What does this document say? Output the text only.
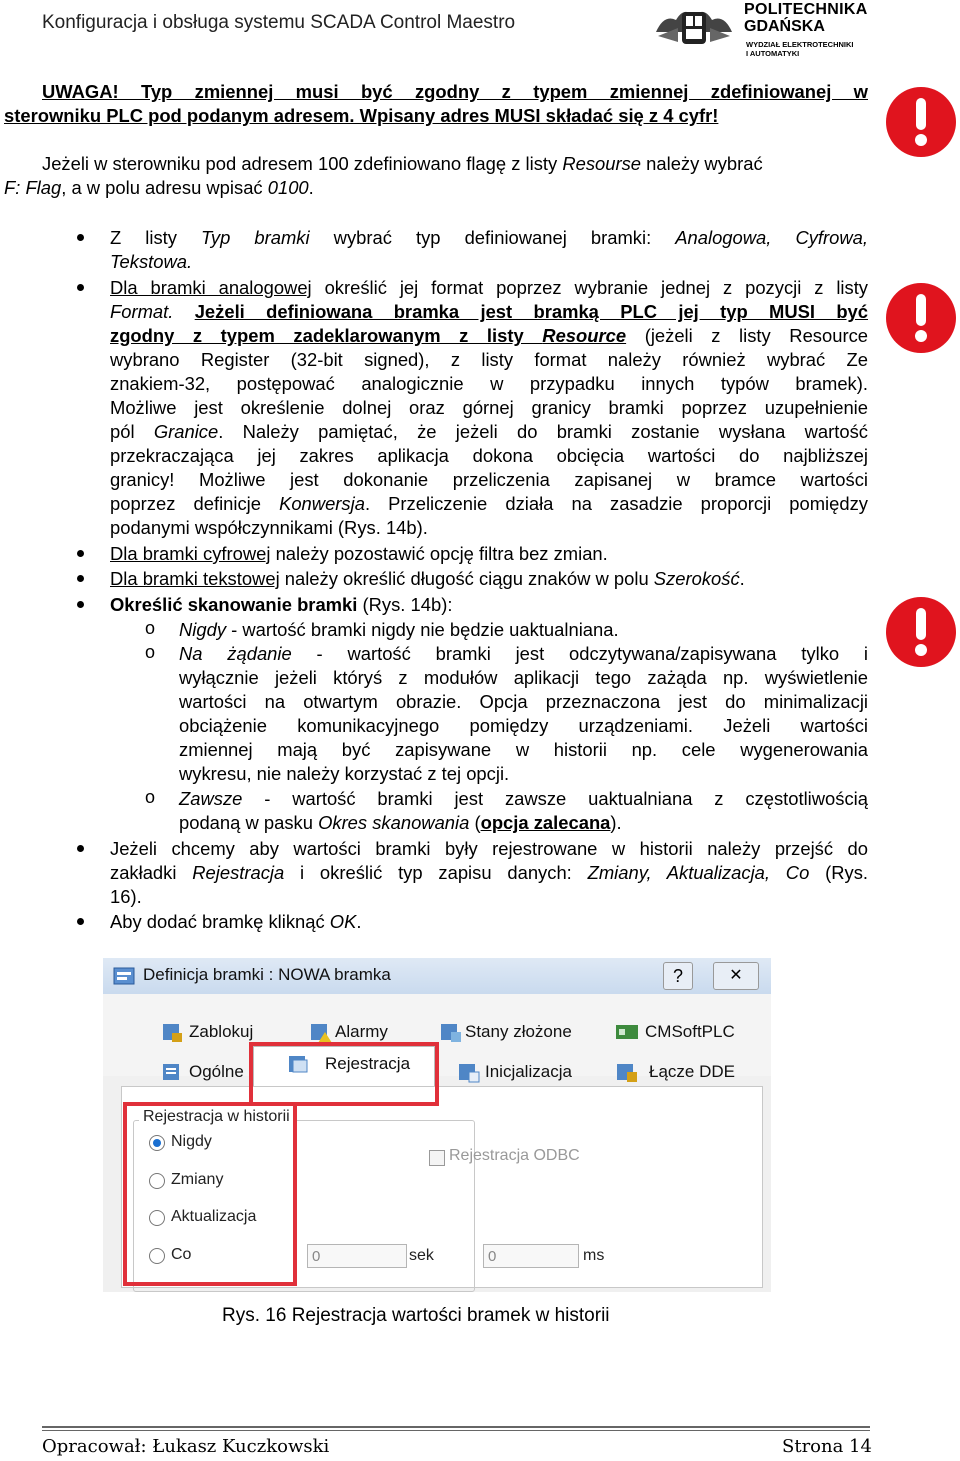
Konfiguracja i obsługa systemu SCADA Control Maestro
POLITECHNIKA
GDAŃSKA
WYDZIAŁ ELEKTROTECHNIKI
I AUTOMATYKI
UWAGA! Typ zmiennej musi być zgodny z typem zmiennej zdefiniowanej w
sterowniku PLC pod podanym adresem. Wpisany adres MUSI składać się z 4 cyfr!
Jeżeli w sterowniku pod adresem 100 zdefiniowano flagę z listy Resourse należy wybrać
F: Flag, a w polu adresu wpisać 0100.
Z listy Typ bramki wybrać typ definiowanej bramki: Analogowa, Cyfrowa,
Tekstowa.
Dla bramki analogowej określić jej format poprzez wybranie jednej z pozycji z listy
Format. Jeżeli definiowana bramka jest bramką PLC jej typ MUSI być
zgodny z typem zadeklarowanym z listy Resource (jeżeli z listy Resource
wybrano Register (32-bit signed), z listy format należy również wybrać Ze
znakiem-32, postępować analogicznie w przypadku innych typów bramek).
Możliwe jest określenie dolnej oraz górnej granicy bramki poprzez uzupełnienie
pól Granice. Należy pamiętać, że jeżeli do bramki zostanie wysłana wartość
przekraczająca jej zakres aplikacja dokona obcięcia wartości do najbliższej
granicy! Możliwe jest dokonanie przeliczenia zapisanej w bramce wartości
poprzez definicje Konwersja. Przeliczenie działa na zasadzie proporcji pomiędzy
podanymi współczynnikami (Rys. 14b).
Dla bramki cyfrowej należy pozostawić opcję filtra bez zmian.
Dla bramki tekstowej należy określić długość ciągu znaków w polu Szerokość.
Określić skanowanie bramki (Rys. 14b):
o Nigdy - wartość bramki nigdy nie będzie uaktualniana.
o Na żądanie - wartość bramki jest odczytywana/zapisywana tylko i
wyłącznie jeżeli któryś z modułów aplikacji tego zażąda np. wyświetlenie
wartości na otwartym obrazie. Opcja przeznaczona jest do minimalizacji
obciążenie komunikacyjnego pomiędzy urządzeniami. Jeżeli wartości
zmiennej mają być zapisywane w historii np. cele wygenerowania
wykresu, nie należy korzystać z tej opcji.
o Zawsze - wartość bramki jest zawsze uaktualniana z częstotliwością
podaną w pasku Okres skanowania (opcja zalecana).
Jeżeli chcemy aby wartości bramki były rejestrowane w historii należy przejść do
zakładki Rejestracja i określić typ zapisu danych: Zmiany, Aktualizacja, Co (Rys.
16).
Aby dodać bramkę kliknąć OK.
Definicja bramki : NOWA bramka	?	✕
Zablokuj	Alarmy	Stany złożone	CMSoftPLC
Ogólne	Rejestracja	Inicjalizacja	Łącze DDE
Rejestracja w historii
Nigdy
Zmiany
Aktualizacja
Co	0	sek	0	ms
Rejestracja ODBC
Rys. 16 Rejestracja wartości bramek w historii
Opracował: Łukasz Kuczkowski	Strona 14
